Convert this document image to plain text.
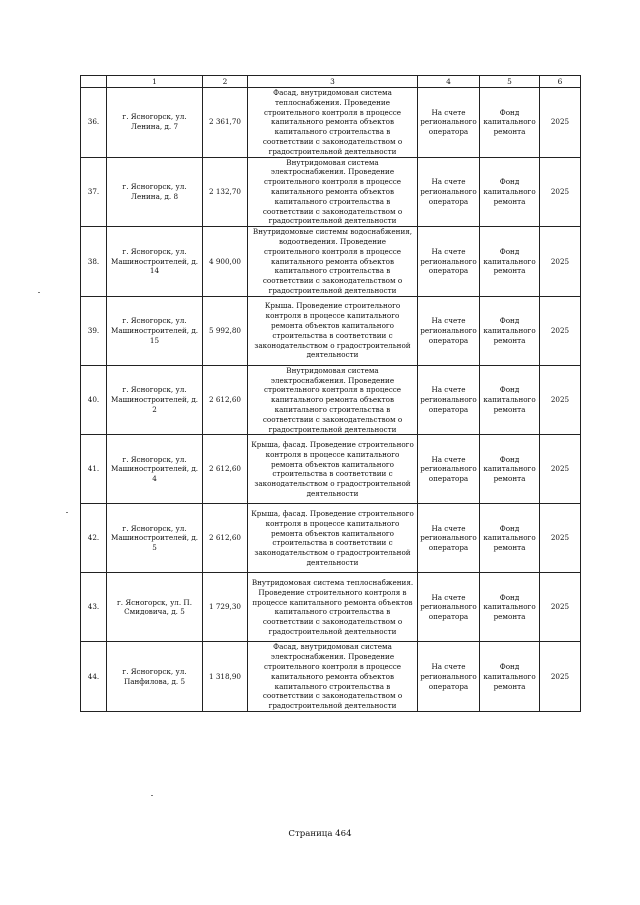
	1	2	3	4	5	6
36.	г. Ясногорск, ул. Ленина, д. 7	2 361,70	Фасад, внутридомовая система теплоснабжения. Проведение строительного контроля в процессе капитального ремонта объектов капитального строительства в соответствии с законодательством о градостроительной деятельности	На счете регионального оператора	Фонд капитального ремонта	2025
37.	г. Ясногорск, ул. Ленина, д. 8	2 132,70	Внутридомовая система электроснабжения. Проведение строительного контроля в процессе капитального ремонта объектов капитального строительства в соответствии с законодательством о градостроительной деятельности	На счете регионального оператора	Фонд капитального ремонта	2025
38.	г. Ясногорск, ул. Машиностроителей, д. 14	4 900,00	Внутридомовые системы водоснабжения, водоотведения. Проведение строительного контроля в процессе капитального ремонта объектов капитального строительства в соответствии с законодательством о градостроительной деятельности	На счете регионального оператора	Фонд капитального ремонта	2025
39.	г. Ясногорск, ул. Машиностроителей, д. 15	5 992,80	Крыша. Проведение строительного контроля в процессе капитального ремонта объектов капитального строительства в соответствии с законодательством о градостроительной деятельности	На счете регионального оператора	Фонд капитального ремонта	2025
40.	г. Ясногорск, ул. Машиностроителей, д. 2	2 612,60	Внутридомовая система электроснабжения. Проведение строительного контроля в процессе капитального ремонта объектов капитального строительства в соответствии с законодательством о градостроительной деятельности	На счете регионального оператора	Фонд капитального ремонта	2025
41.	г. Ясногорск, ул. Машиностроителей, д. 4	2 612,60	Крыша, фасад. Проведение строительного контроля в процессе капитального ремонта объектов капитального строительства в соответствии с законодательством о градостроительной деятельности	На счете регионального оператора	Фонд капитального ремонта	2025
42.	г. Ясногорск, ул. Машиностроителей, д. 5	2 612,60	Крыша, фасад. Проведение строительного контроля в процессе капитального ремонта объектов капитального строительства в соответствии с законодательством о градостроительной деятельности	На счете регионального оператора	Фонд капитального ремонта	2025
43.	г. Ясногорск, ул. П. Смидовича, д. 5	1 729,30	Внутридомовая система теплоснабжения. Проведение строительного контроля в процессе капитального ремонта объектов капитального строительства в соответствии с законодательством о градостроительной деятельности	На счете регионального оператора	Фонд капитального ремонта	2025
44.	г. Ясногорск, ул. Панфилова, д. 5	1 318,90	Фасад, внутридомовая система электроснабжения. Проведение строительного контроля в процессе капитального ремонта объектов капитального строительства в соответствии с законодательством о градостроительной деятельности	На счете регионального оператора	Фонд капитального ремонта	2025
Страница 464
